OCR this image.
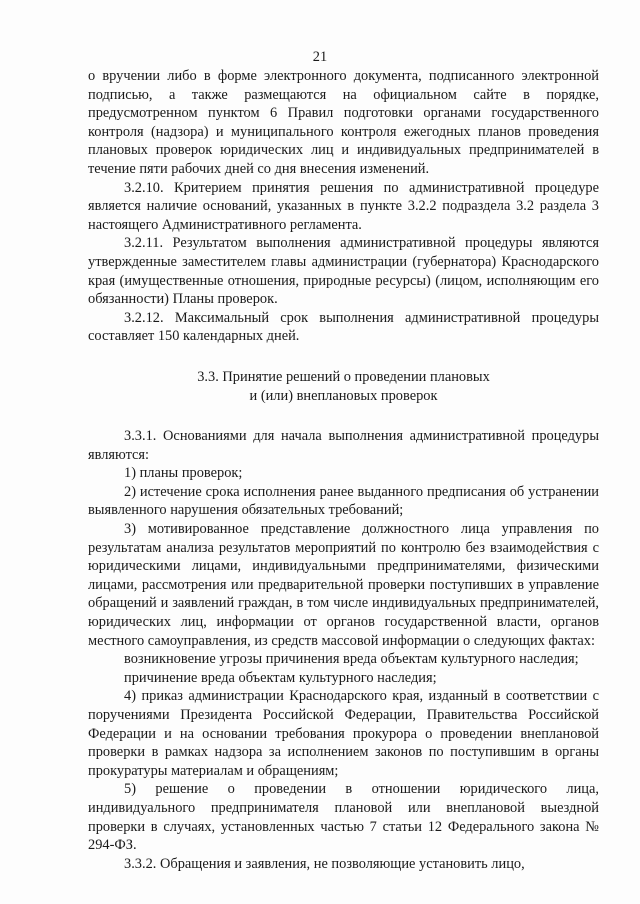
21

о вручении либо в форме электронного документа, подписанного электронной подписью, а также размещаются на официальном сайте в порядке, предусмотренном пунктом 6 Правил подготовки органами государственного контроля (надзора) и муниципального контроля ежегодных планов проведения плановых проверок юридических лиц и индивидуальных предпринимателей в течение пяти рабочих дней со дня внесения изменений.

3.2.10. Критерием принятия решения по административной процедуре является наличие оснований, указанных в пункте 3.2.2 подраздела 3.2 раздела 3 настоящего Административного регламента.

3.2.11. Результатом выполнения административной процедуры являются утвержденные заместителем главы администрации (губернатора) Краснодарского края (имущественные отношения, природные ресурсы) (лицом, исполняющим его обязанности) Планы проверок.

3.2.12. Максимальный срок выполнения административной процедуры составляет 150 календарных дней.

3.3. Принятие решений о проведении плановых
и (или) внеплановых проверок

3.3.1. Основаниями для начала выполнения административной процедуры являются:

1) планы проверок;

2) истечение срока исполнения ранее выданного предписания об устранении выявленного нарушения обязательных требований;

3) мотивированное представление должностного лица управления по результатам анализа результатов мероприятий по контролю без взаимодействия с юридическими лицами, индивидуальными предпринимателями, физическими лицами, рассмотрения или предварительной проверки поступивших в управление обращений и заявлений граждан, в том числе индивидуальных предпринимателей, юридических лиц, информации от органов государственной власти, органов местного самоуправления, из средств массовой информации о следующих фактах:

возникновение угрозы причинения вреда объектам культурного наследия;

причинение вреда объектам культурного наследия;

4) приказ администрации Краснодарского края, изданный в соответствии с поручениями Президента Российской Федерации, Правительства Российской Федерации и на основании требования прокурора о проведении внеплановой проверки в рамках надзора за исполнением законов по поступившим в органы прокуратуры материалам и обращениям;

5) решение о проведении в отношении юридического лица, индивидуального предпринимателя плановой или внеплановой выездной проверки в случаях, установленных частью 7 статьи 12 Федерального закона № 294-ФЗ.

3.3.2. Обращения и заявления, не позволяющие установить лицо,
